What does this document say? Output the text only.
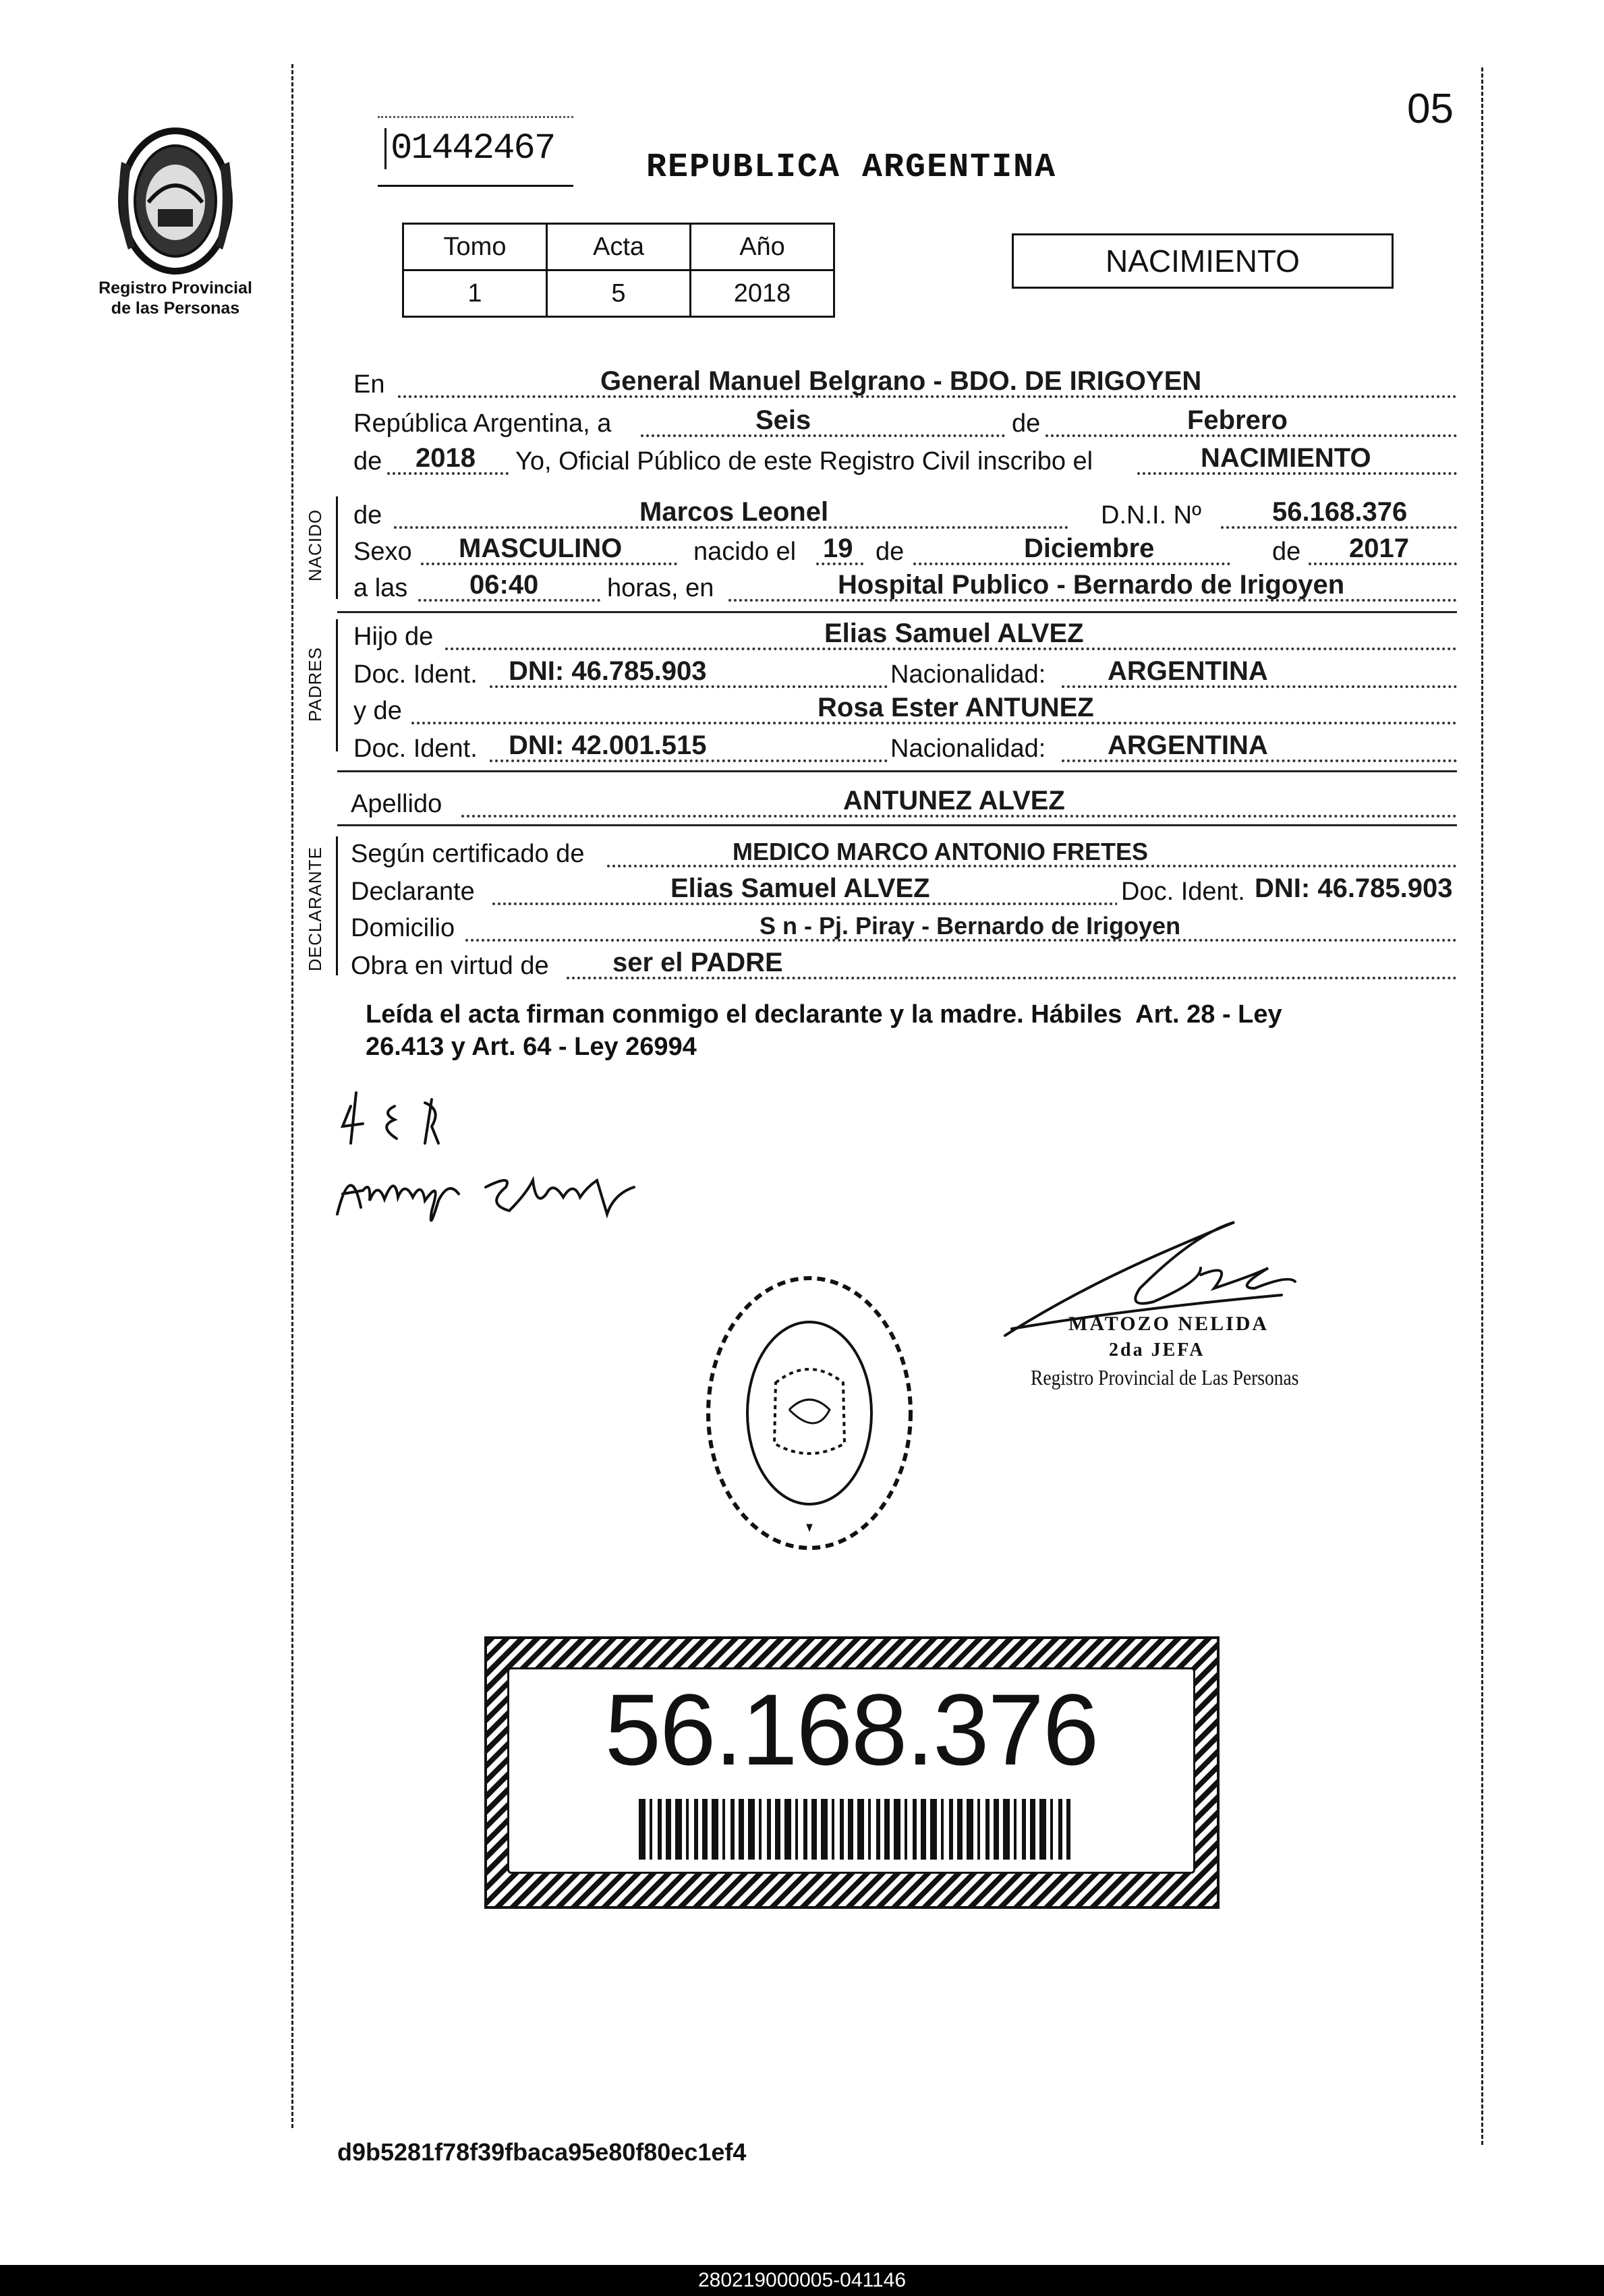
05
Registro Provincial
de las Personas
01442467	REPUBLICA ARGENTINA
Tomo	Acta	Año
1	5	2018
NACIMIENTO
En	General Manuel Belgrano - BDO. DE IRIGOYEN
República Argentina, a	Seis	de	Febrero
de 2018 Yo, Oficial Público de este Registro Civil inscribo el	NACIMIENTO
NACIDO de	Marcos Leonel	D.N.I. Nº	56.168.376
Sexo MASCULINO	nacido el 19 de	Diciembre	de 2017
a las 06:40	horas, en	Hospital Publico - Bernardo de Irigoyen
PADRES
Hijo de	Elias Samuel ALVEZ
Doc. Ident. DNI: 46.785.903	Nacionalidad: ARGENTINA
y de	Rosa Ester ANTUNEZ
Doc. Ident. DNI: 42.001.515	Nacionalidad: ARGENTINA
Apellido	ANTUNEZ ALVEZ
DECLARANTE Según certificado de	MEDICO MARCO ANTONIO FRETES
Declarante	Elias Samuel ALVEZ	Doc. Ident. DNI: 46.785.903
Domicilio	S n - Pj. Piray - Bernardo de Irigoyen
Obra en virtud de ser el PADRE
Leída el acta firman conmigo el declarante y la madre. Hábiles  Art. 28 - Ley
26.413 y Art. 64 - Ley 26994
MATOZO NELIDA
2da JEFA
Registro Provincial de Las Personas
56.168.376
d9b5281f78f39fbaca95e80f80ec1ef4
280219000005-041146
